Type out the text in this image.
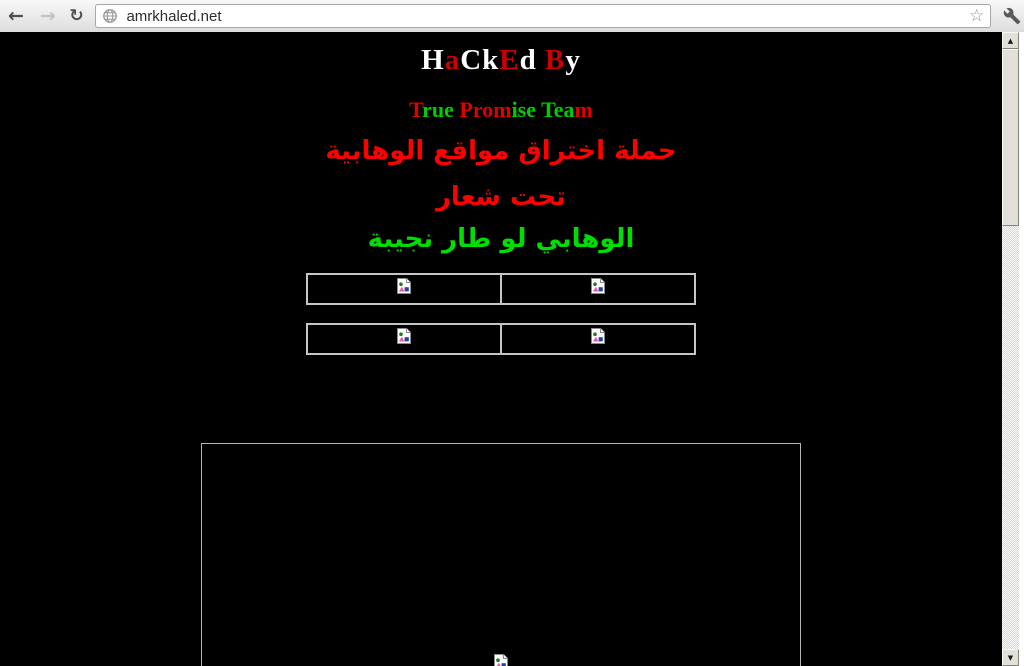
← → ↻	amrkhaled.net	☆
HaCkEd By
True Promise Team
حملة اختراق مواقع الوهابية
تحت شعار
الوهابي لو طار نجيبة

▲
▼
